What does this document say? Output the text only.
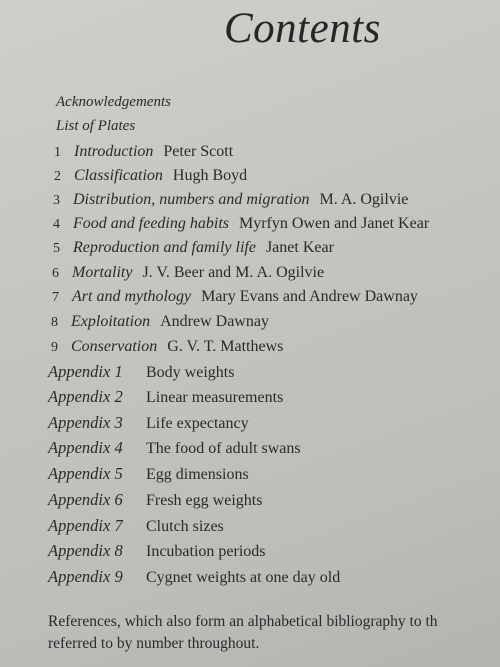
Contents
Acknowledgements
List of Plates
1 Introduction Peter Scott
2 Classification Hugh Boyd
3 Distribution, numbers and migration M. A. Ogilvie
4 Food and feeding habits Myrfyn Owen and Janet Kear
5 Reproduction and family life Janet Kear
6 Mortality J. V. Beer and M. A. Ogilvie
7 Art and mythology Mary Evans and Andrew Dawnay
8 Exploitation Andrew Dawnay
9 Conservation G. V. T. Matthews
Appendix 1 Body weights
Appendix 2 Linear measurements
Appendix 3 Life expectancy
Appendix 4 The food of adult swans
Appendix 5 Egg dimensions
Appendix 6 Fresh egg weights
Appendix 7 Clutch sizes
Appendix 8 Incubation periods
Appendix 9 Cygnet weights at one day old
References, which also form an alphabetical bibliography to th
referred to by number throughout.
